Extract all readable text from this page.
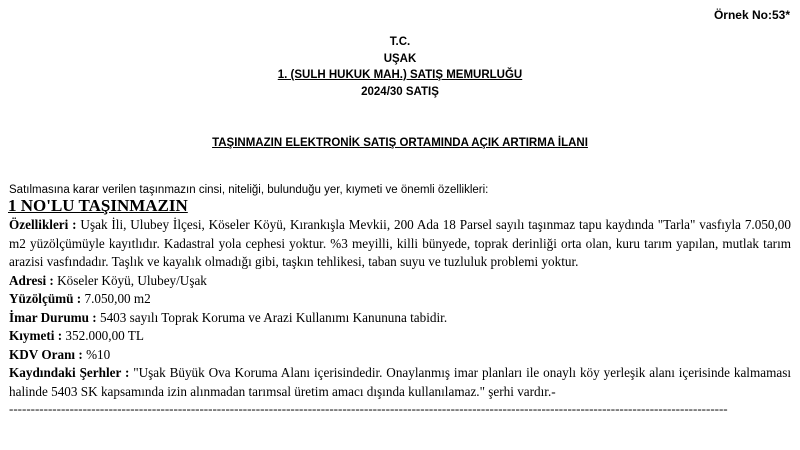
Örnek No:53*
T.C.
UŞAK
1. (SULH HUKUK MAH.) SATIŞ MEMURLUĞU
2024/30 SATIŞ
TAŞINMAZIN ELEKTRONİK SATIŞ ORTAMINDA AÇIK ARTIRMA İLANI
Satılmasına karar verilen taşınmazın cinsi, niteliği, bulunduğu yer, kıymeti ve önemli özellikleri:
1 NO'LU TAŞINMAZIN

Özellikleri : Uşak İli, Ulubey İlçesi, Köseler Köyü, Kırankışla Mevkii, 200 Ada 18 Parsel sayılı taşınmaz tapu kaydında "Tarla" vasfıyla 7.050,00 m2 yüzölçümüyle kayıtlıdır. Kadastral yola cephesi yoktur. %3 meyilli, killi bünyede, toprak derinliği orta olan, kuru tarım yapılan, mutlak tarım arazisi vasfındadır. Taşlık ve kayalık olmadığı gibi, taşkın tehlikesi, taban suyu ve tuzluluk problemi yoktur.

Adresi : Köseler Köyü, Ulubey/Uşak

Yüzölçümü : 7.050,00 m2

İmar Durumu : 5403 sayılı Toprak Koruma ve Arazi Kullanımı Kanununa tabidir.

Kıymeti : 352.000,00 TL

KDV Oranı : %10

Kaydındaki Şerhler : "Uşak Büyük Ova Koruma Alanı içerisindedir. Onaylanmış imar planları ile onaylı köy yerleşik alanı içerisinde kalmaması halinde 5403 SK kapsamında izin alınmadan tarımsal üretim amacı dışında kullanılamaz." şerhi vardır.-

----------------------------------------------------------------------------------------------------------------------------------------------------------------------
